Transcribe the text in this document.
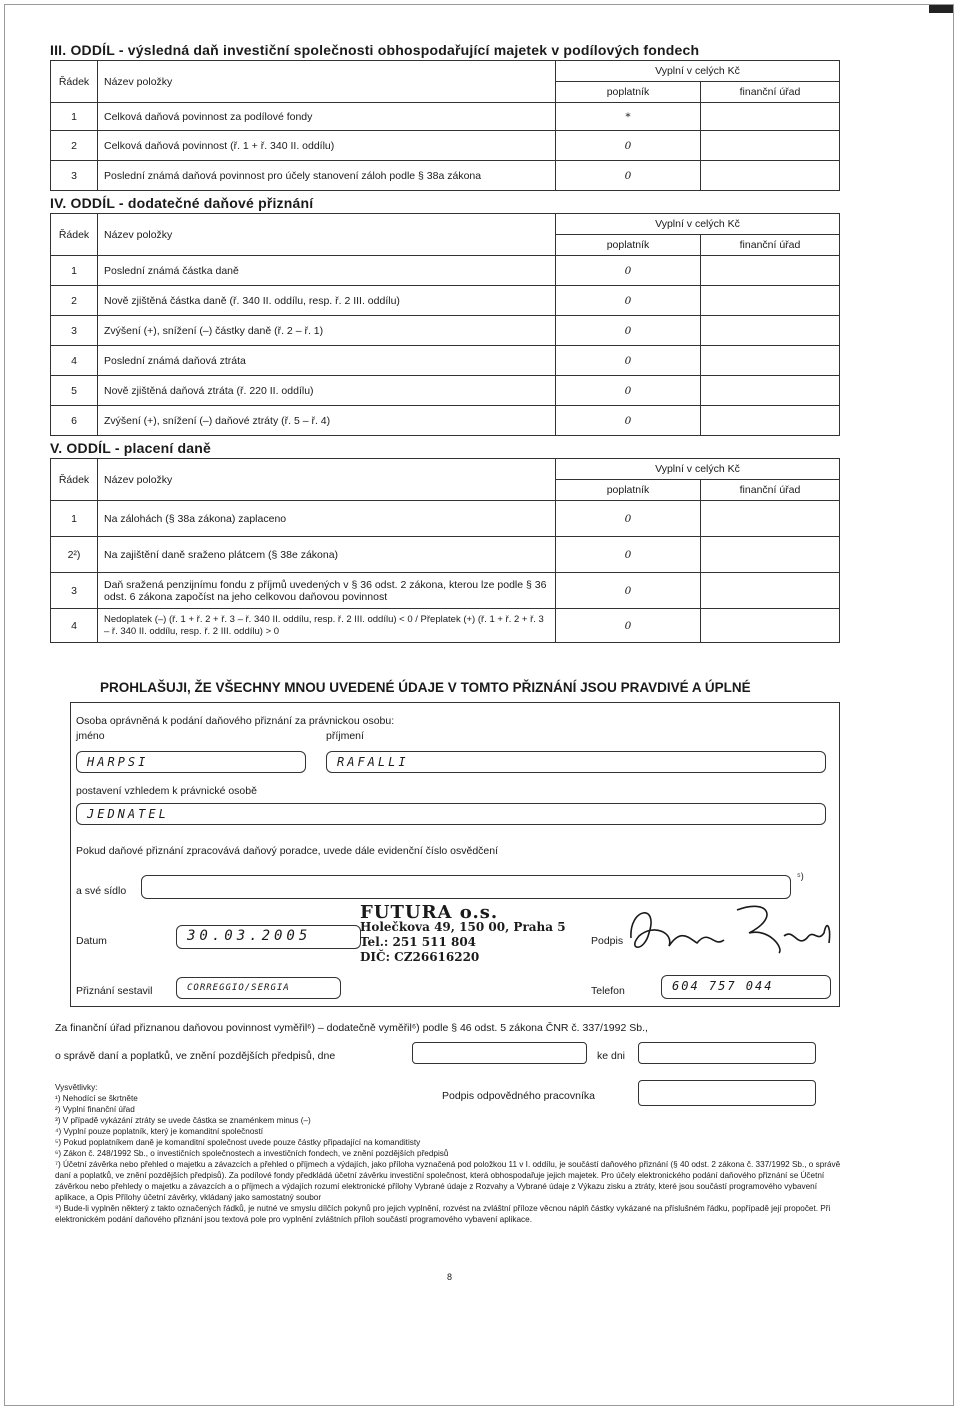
III. ODDÍL - výsledná daň investiční společnosti obhospodařující majetek v podílových fondech

Řádek	Název položky	Vyplní v celých Kč	
		poplatník	finanční úřad
1	Celková daňová povinnost za podílové fondy	*	
2	Celková daňová povinnost (ř. 1 + ř. 340 II. oddílu)	0	
3	Poslední známá daňová povinnost pro účely stanovení záloh podle § 38a zákona	0	

IV. ODDÍL - dodatečné daňové přiznání

Řádek	Název položky	Vyplní v celých Kč	
		poplatník	finanční úřad
1	Poslední známá částka daně	0	
2	Nově zjištěná částka daně (ř. 340 II. oddílu, resp. ř. 2 III. oddílu)	0	
3	Zvýšení (+), snížení (–) částky daně (ř. 2 – ř. 1)	0	
4	Poslední známá daňová ztráta	0	
5	Nově zjištěná daňová ztráta (ř. 220 II. oddílu)	0	
6	Zvýšení (+), snížení (–) daňové ztráty (ř. 5 – ř. 4)	0	

V. ODDÍL - placení daně

Řádek	Název položky	Vyplní v celých Kč	
		poplatník	finanční úřad
1	Na zálohách (§ 38a zákona) zaplaceno	0	
2²)	Na zajištění daně sraženo plátcem (§ 38e zákona)	0	
3	Daň sražená penzijnímu fondu z příjmů uvedených v § 36 odst. 2 zákona, kterou lze podle § 36 odst. 6 zákona započíst na jeho celkovou daňovou povinnost	0	
4	Nedoplatek (–) (ř. 1 + ř. 2 + ř. 3 – ř. 340 II. oddílu, resp. ř. 2 III. oddílu) < 0 / Přeplatek (+) (ř. 1 + ř. 2 + ř. 3 – ř. 340 II. oddílu, resp. ř. 2 III. oddílu) > 0	0	
PROHLAŠUJI, ŽE VŠECHNY MNOU UVEDENÉ ÚDAJE V TOMTO PŘIZNÁNÍ JSOU PRAVDIVÉ A ÚPLNÉ
Osoba oprávněná k podání daňového přiznání za právnickou osobu:
jméno	příjmení
HARPSI	RAFALLI
postavení vzhledem k právnické osobě
JEDNATEL
Pokud daňové přiznání zpracovává daňový poradce, uvede dále evidenční číslo osvědčení
a své sídlo
⁵)
Datum	30.03.2005	Podpis
Přiznání sestavil	CORREGGIO/SERGIA	Telefon	604 757 044
FUTURA o.s.
Holečkova 49, 150 00, Praha 5
Tel.: 251 511 804
DIČ: CZ26616220
Za finanční úřad přiznanou daňovou povinnost vyměřil⁶) – dodatečně vyměřil⁶) podle § 46 odst. 5 zákona ČNR č. 337/1992 Sb.,
o správě daní a poplatků, ve znění pozdějších předpisů, dne	ke dni
Podpis odpovědného pracovníka

Vysvětlivky:

¹) Nehodící se škrtněte

²) Vyplní finanční úřad

³) V případě vykázání ztráty se uvede částka se znaménkem minus (–)

⁴) Vyplní pouze poplatník, který je komanditní společností

⁵) Pokud poplatníkem daně je komanditní společnost uvede pouze částky připadající na komanditisty

⁶) Zákon č. 248/1992 Sb., o investičních společnostech a investičních fondech, ve znění pozdějších předpisů

⁷) Účetní závěrka nebo přehled o majetku a závazcích a přehled o příjmech a výdajích, jako příloha vyznačená pod položkou 11 v I. oddílu, je součástí daňového přiznání (§ 40 odst. 2 zákona č. 337/1992 Sb., o správě daní a poplatků, ve znění pozdějších předpisů). Za podílové fondy předkládá účetní závěrku investiční společnost, která obhospodařuje jejich majetek. Pro účely elektronického podání daňového přiznání se Účetní závěrkou nebo přehledy o majetku a závazcích a o příjmech a výdajích rozumí elektronické přílohy Vybrané údaje z Rozvahy a Vybrané údaje z Výkazu zisku a ztráty, které jsou součástí programového vybavení aplikace, a Opis Přílohy účetní závěrky, vkládaný jako samostatný soubor

⁸) Bude-li vyplněn některý z takto označených řádků, je nutné ve smyslu dílčích pokynů pro jejich vyplnění, rozvést na zvláštní příloze věcnou náplň částky vykázané na příslušném řádku, popřípadě její propočet. Při elektronickém podání daňového přiznání jsou textová pole pro vyplnění zvláštních příloh součástí programového vybavení aplikace.

8
